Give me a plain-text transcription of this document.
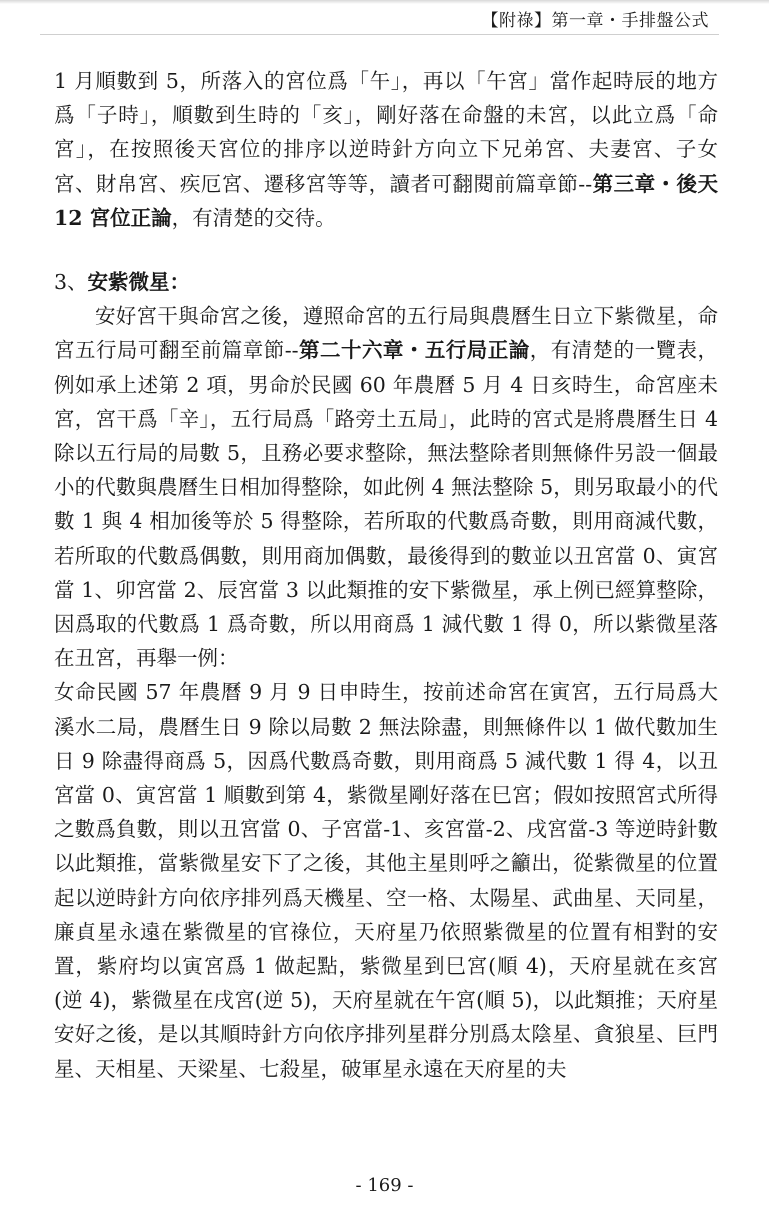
【附祿】第一章・手排盤公式

1 月順數到 5，所落入的宮位爲「午」，再以「午宮」當作起時辰的地方爲「子時」，順數到生時的「亥」，剛好落在命盤的未宮，以此立爲「命宮」，在按照後天宮位的排序以逆時針方向立下兄弟宮、夫妻宮、子女宮、財帛宮、疾厄宮、遷移宮等等，讀者可翻閱前篇章節--第三章・後天 12 宮位正論，有清楚的交待。

3、安紫微星：

安好宮干與命宮之後，遵照命宮的五行局與農曆生日立下紫微星，命宮五行局可翻至前篇章節--第二十六章・五行局正論，有清楚的一覽表，例如承上述第 2 項，男命於民國 60 年農曆 5 月 4 日亥時生，命宮座未宮，宮干爲「辛」，五行局爲「路旁土五局」，此時的宮式是將農曆生日 4 除以五行局的局數 5，且務必要求整除，無法整除者則無條件另設一個最小的代數與農曆生日相加得整除，如此例 4 無法整除 5，則另取最小的代數 1 與 4 相加後等於 5 得整除，若所取的代數爲奇數，則用商減代數，若所取的代數爲偶數，則用商加偶數，最後得到的數並以丑宮當 0、寅宮當 1、卯宮當 2、辰宮當 3 以此類推的安下紫微星，承上例已經算整除，因爲取的代數爲 1 爲奇數，所以用商爲 1 減代數 1 得 0，所以紫微星落在丑宮，再舉一例：

女命民國 57 年農曆 9 月 9 日申時生，按前述命宮在寅宮，五行局爲大溪水二局，農曆生日 9 除以局數 2 無法除盡，則無條件以 1 做代數加生日 9 除盡得商爲 5，因爲代數爲奇數，則用商爲 5 減代數 1 得 4，以丑宮當 0、寅宮當 1 順數到第 4，紫微星剛好落在巳宮；假如按照宮式所得之數爲負數，則以丑宮當 0、子宮當-1、亥宮當-2、戌宮當-3 等逆時針數以此類推，當紫微星安下了之後，其他主星則呼之籲出，從紫微星的位置起以逆時針方向依序排列爲天機星、空一格、太陽星、武曲星、天同星，廉貞星永遠在紫微星的官祿位，天府星乃依照紫微星的位置有相對的安置，紫府均以寅宮爲 1 做起點，紫微星到巳宮(順 4)，天府星就在亥宮(逆 4)，紫微星在戌宮(逆 5)，天府星就在午宮(順 5)，以此類推；天府星安好之後，是以其順時針方向依序排列星群分別爲太陰星、貪狼星、巨門星、天相星、天梁星、七殺星，破軍星永遠在天府星的夫

- 169 -
